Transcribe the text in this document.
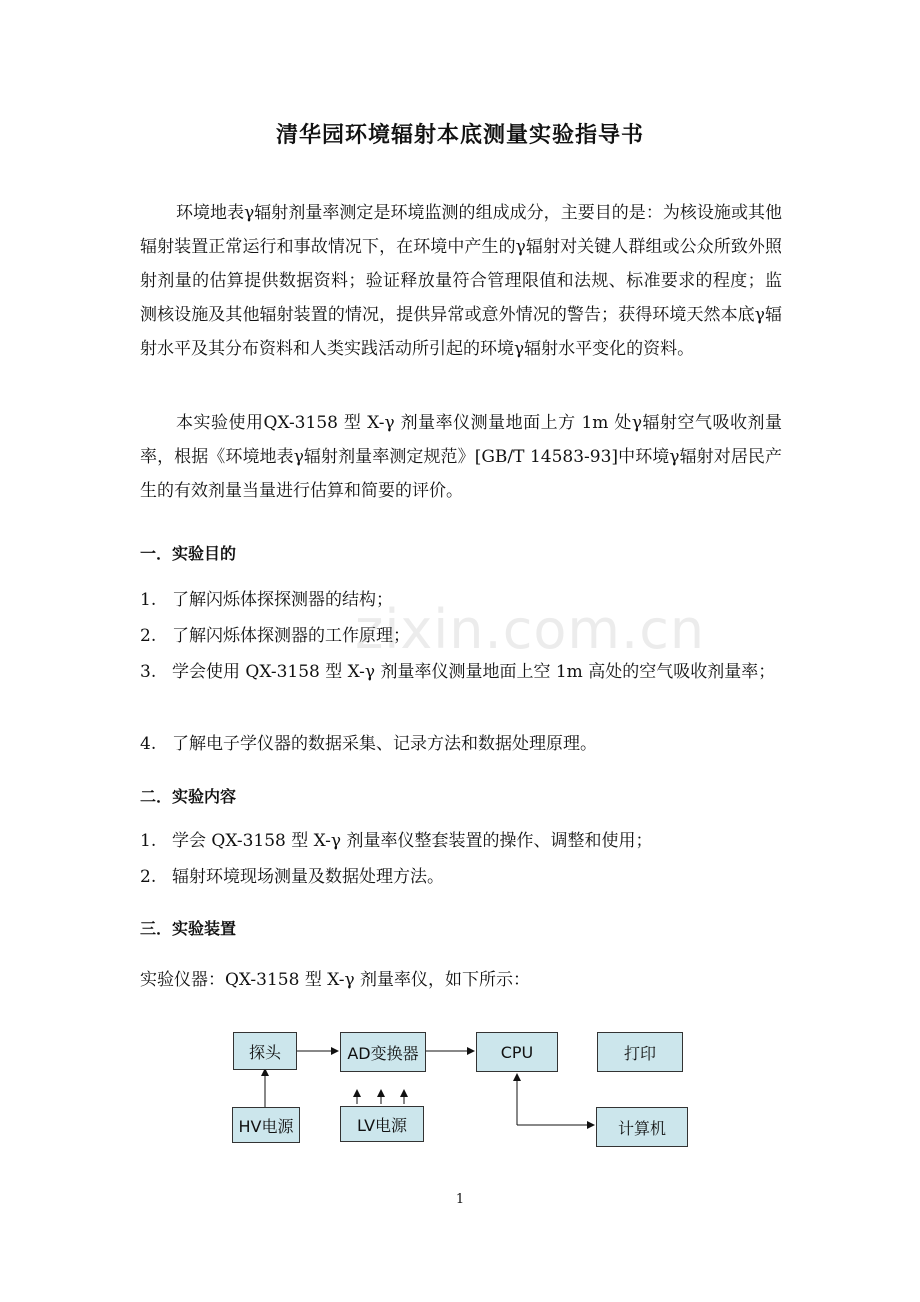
清华园环境辐射本底测量实验指导书

环境地表γ辐射剂量率测定是环境监测的组成成分，主要目的是：为核设施或其他辐射装置正常运行和事故情况下，在环境中产生的γ辐射对关键人群组或公众所致外照射剂量的估算提供数据资料；验证释放量符合管理限值和法规、标准要求的程度；监测核设施及其他辐射装置的情况，提供异常或意外情况的警告；获得环境天然本底γ辐射水平及其分布资料和人类实践活动所引起的环境γ辐射水平变化的资料。

本实验使用QX-3158 型 X-γ 剂量率仪测量地面上方 1m 处γ辐射空气吸收剂量率，根据《环境地表γ辐射剂量率测定规范》[GB/T 14583-93]中环境γ辐射对居民产生的有效剂量当量进行估算和简要的评价。

一．实验目的
1. 了解闪烁体探探测器的结构；
2. 了解闪烁体探测器的工作原理；
3. 学会使用 QX-3158 型 X-γ 剂量率仪测量地面上空 1m 高处的空气吸收剂量率；
4. 了解电子学仪器的数据采集、记录方法和数据处理原理。
二．实验内容
1. 学会 QX-3158 型 X-γ 剂量率仪整套装置的操作、调整和使用；
2. 辐射环境现场测量及数据处理方法。
三．实验装置
实验仪器：QX-3158 型 X-γ 剂量率仪，如下所示：
探头	AD变换器	CPU	打印
HV电源	LV电源	计算机
zixin.com.cn
1
